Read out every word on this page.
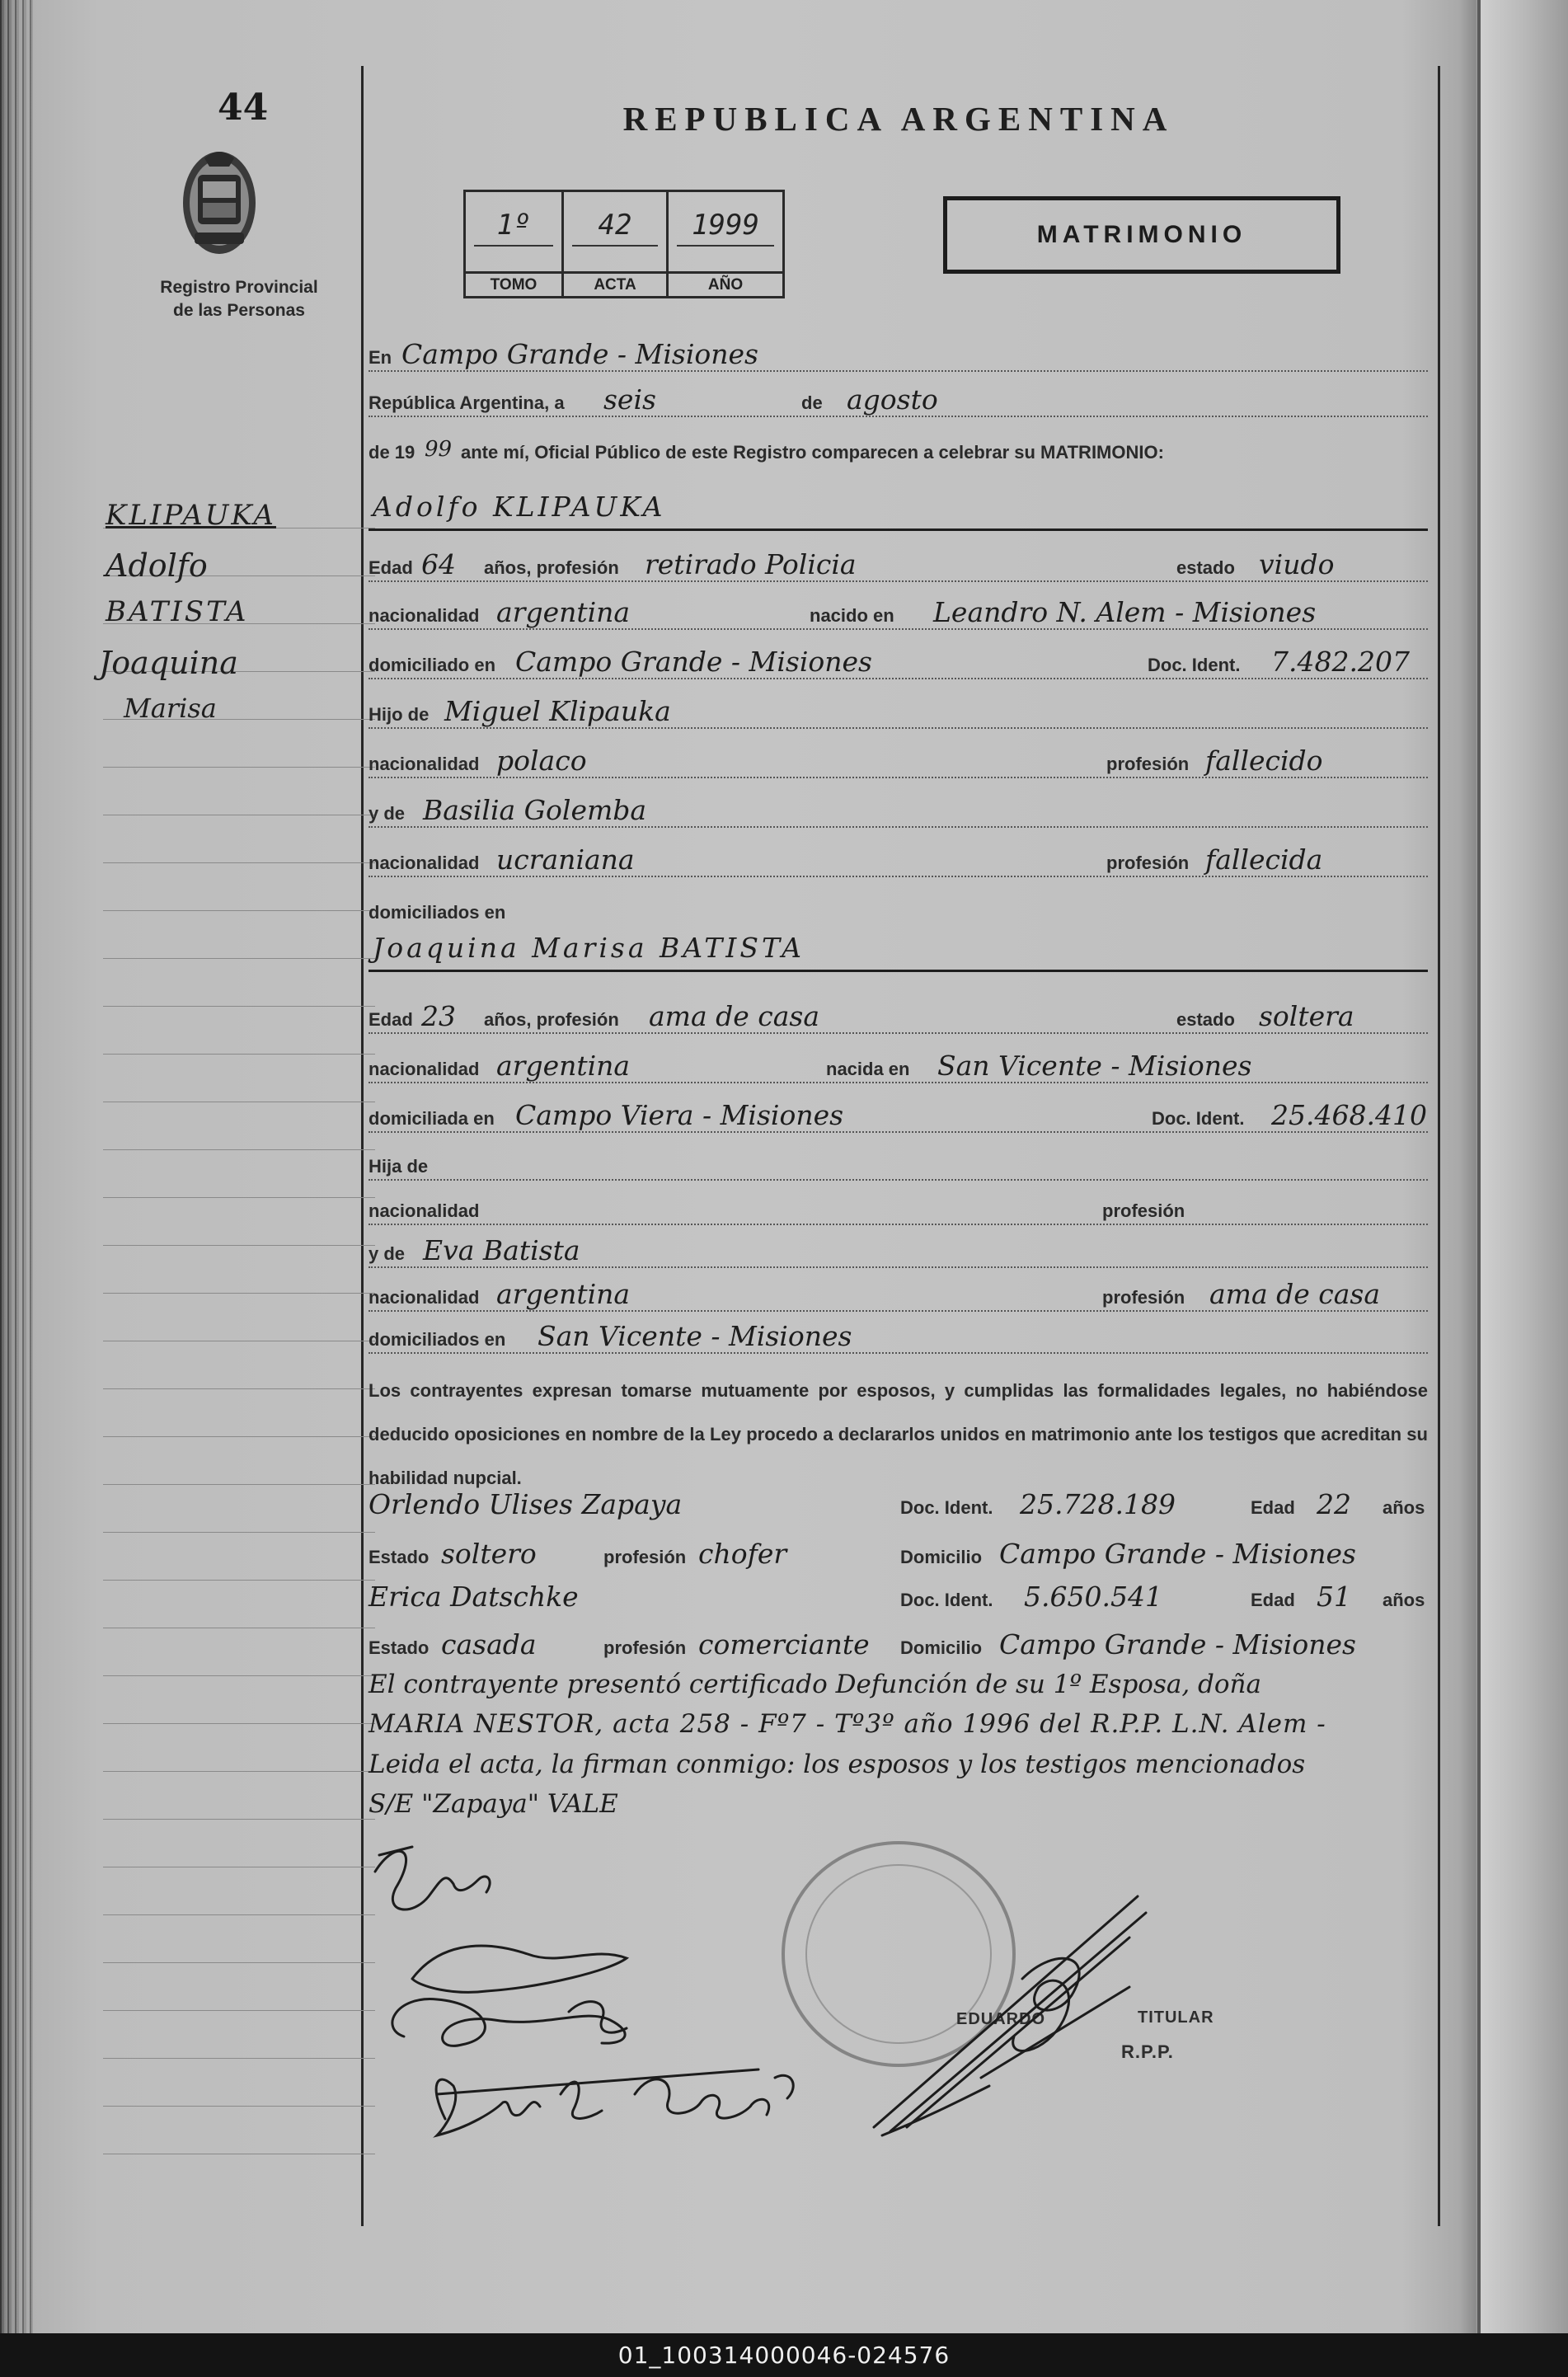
44
Registro Provincial
de las Personas
REPUBLICA ARGENTINA
1º
TOMO
42
ACTA
1999
AÑO
MATRIMONIO
En Campo Grande - Misiones
República Argentina, a seis	de agosto
de 19 99 ante mí, Oficial Público de este Registro comparecen a celebrar su MATRIMONIO:
KLIPAUKA
Adolfo
BATISTA
Joaquina
Marisa
Adolfo KLIPAUKA
Edad 64 años, profesión retirado Policia	estado viudo
nacionalidad argentina	nacido en Leandro N. Alem - Misiones
domiciliado en Campo Grande - Misiones	Doc. Ident. 7.482.207
Hijo de Miguel Klipauka
nacionalidad polaco	profesión fallecido
y de Basilia Golemba
nacionalidad ucraniana	profesión fallecida
domiciliados en
Joaquina Marisa BATISTA
Edad 23 años, profesión ama de casa	estado soltera
nacionalidad argentina	nacida en San Vicente - Misiones
domiciliada en Campo Viera - Misiones	Doc. Ident. 25.468.410
Hija de
nacionalidad	profesión
y de Eva Batista
nacionalidad argentina	profesión ama de casa
domiciliados en San Vicente - Misiones
Los contrayentes expresan tomarse mutuamente por esposos, y cumplidas las formalidades legales, no habiéndose deducido oposiciones en nombre de la Ley procedo a declararlos unidos en matrimonio ante los testigos que acreditan su habilidad nupcial.
Orlendo Ulises Zapaya	Doc. Ident. 25.728.189	Edad 22 años
Estado soltero	profesión chofer	Domicilio Campo Grande - Misiones
Erica Datschke	Doc. Ident. 5.650.541	Edad 51 años
Estado casada	profesión comerciante Domicilio Campo Grande - Misiones
El contrayente presentó certificado Defunción de su 1º Esposa, doña
MARIA NESTOR, acta 258 - Fº7 - Tº3º año 1996 del R.P.P. L.N. Alem -
Leida el acta, la firman conmigo: los esposos y los testigos mencionados
S/E "Zapaya" VALE
EDUARDO	TITULAR
R.P.P.
01_100314000046-024576
